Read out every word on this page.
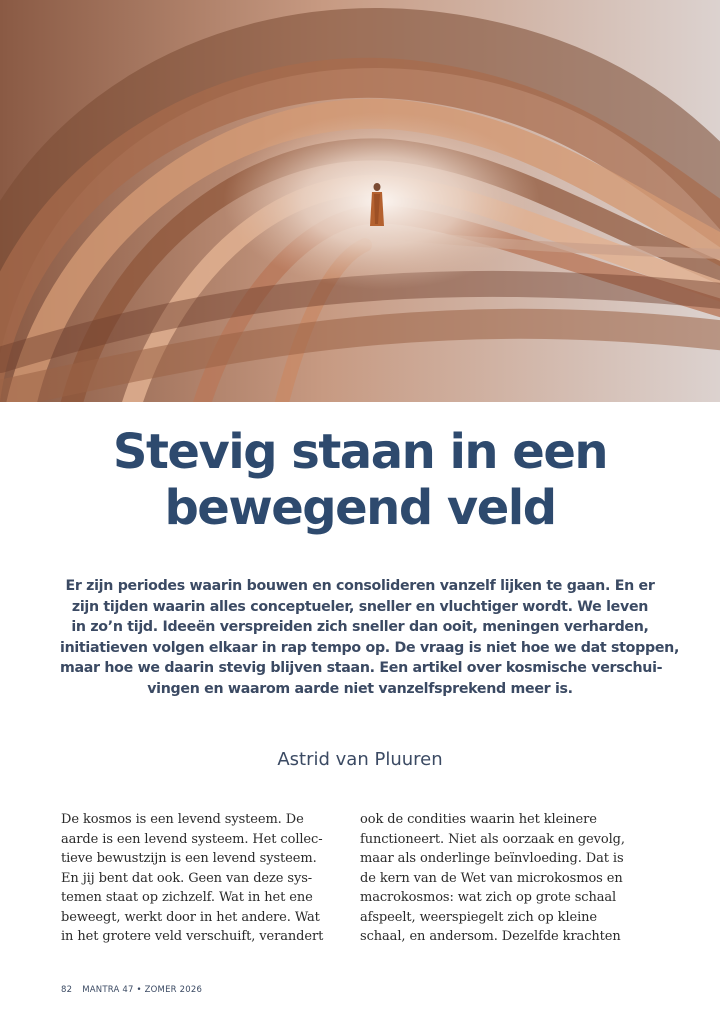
Stevig staan in een
bewegend veld
Er zijn periodes waarin bouwen en consolideren vanzelf lijken te gaan. En er
zijn tijden waarin alles conceptueler, sneller en vluchtiger wordt. We leven
in zo’n tijd. Ideeën verspreiden zich sneller dan ooit, meningen verharden,
initiatieven volgen elkaar in rap tempo op. De vraag is niet hoe we dat stoppen,
maar hoe we daarin stevig blijven staan. Een artikel over kosmische verschui-
vingen en waarom aarde niet vanzelfsprekend meer is.
Astrid van Pluuren
De kosmos is een levend systeem. De
aarde is een levend systeem. Het collec-
tieve bewustzijn is een levend systeem.
En jij bent dat ook. Geen van deze sys-
temen staat op zichzelf. Wat in het ene
beweegt, werkt door in het andere. Wat
in het grotere veld verschuift, verandert
ook de condities waarin het kleinere
functioneert. Niet als oorzaak en gevolg,
maar als onderlinge beïnvloeding. Dat is
de kern van de Wet van microkosmos en
macrokosmos: wat zich op grote schaal
afspeelt, weerspiegelt zich op kleine
schaal, en andersom. Dezelfde krachten
82 MANTRA 47 • ZOMER 2026
